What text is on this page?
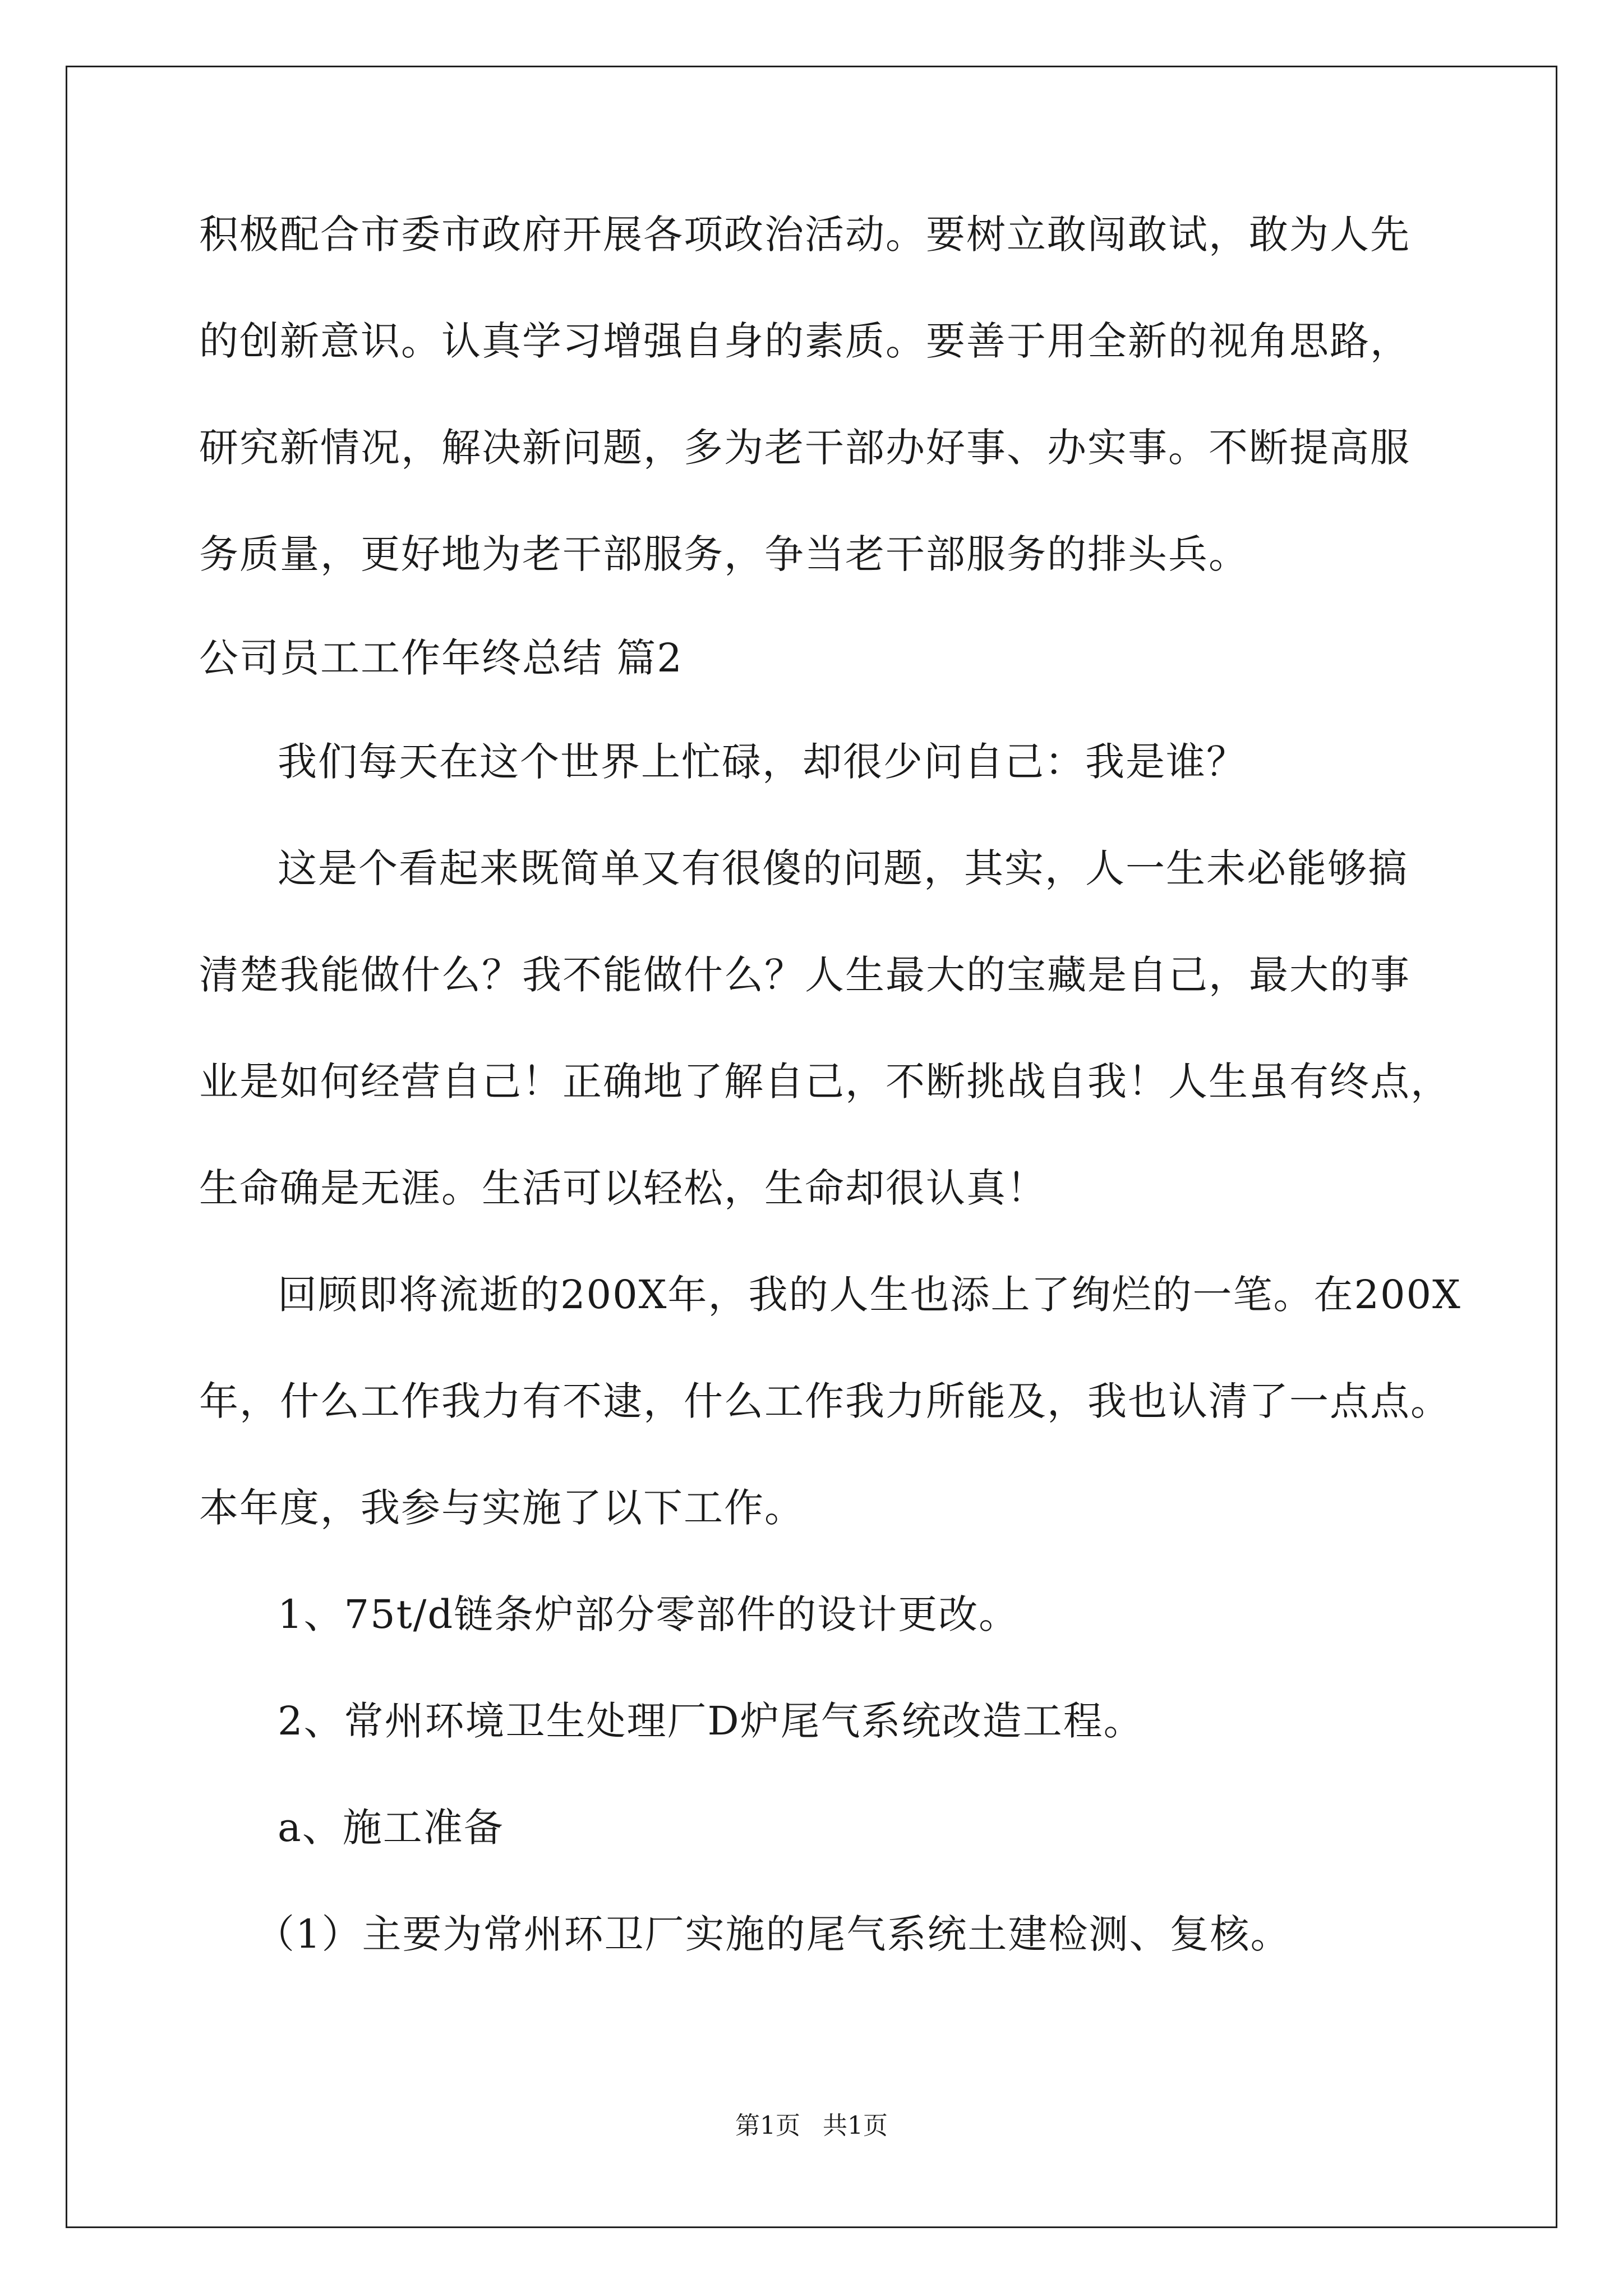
积极配合市委市政府开展各项政治活动。要树立敢闯敢试，敢为人先
的创新意识。认真学习增强自身的素质。要善于用全新的视角思路，
研究新情况，解决新问题，多为老干部办好事、办实事。不断提高服
务质量，更好地为老干部服务，争当老干部服务的排头兵。
公司员工工作年终总结 篇2
我们每天在这个世界上忙碌，却很少问自己：我是谁？
这是个看起来既简单又有很傻的问题，其实，人一生未必能够搞
清楚我能做什么？我不能做什么？人生最大的宝藏是自己，最大的事
业是如何经营自己！正确地了解自己，不断挑战自我！人生虽有终点，
生命确是无涯。生活可以轻松，生命却很认真！
回顾即将流逝的200X年，我的人生也添上了绚烂的一笔。在200X
年，什么工作我力有不逮，什么工作我力所能及，我也认清了一点点。
本年度，我参与实施了以下工作。
1、75t/d链条炉部分零部件的设计更改。
2、常州环境卫生处理厂D炉尾气系统改造工程。
a、施工准备
（1）主要为常州环卫厂实施的尾气系统土建检测、复核。
第1页 共1页
